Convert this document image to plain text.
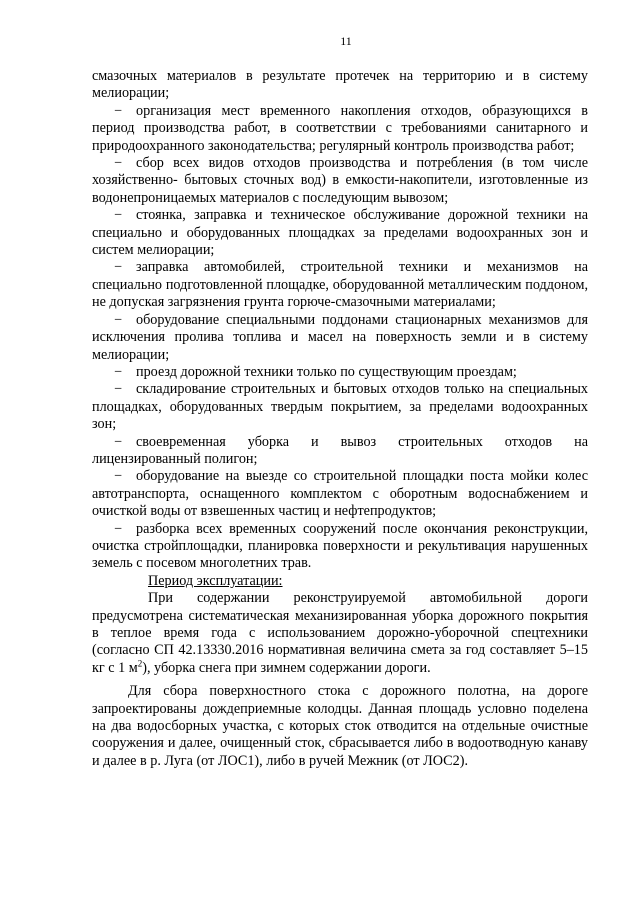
11

смазочных материалов в результате протечек на территорию и в систему мелиорации;

− организация мест временного накопления отходов, образующихся в период производства работ, в соответствии с требованиями санитарного и природоохранного законодательства; регулярный контроль производства работ;

− сбор всех видов отходов производства и потребления (в том числе хозяйственно- бытовых сточных вод) в емкости-накопители, изготовленные из водонепроницаемых материалов с последующим вывозом;

− стоянка, заправка и техническое обслуживание дорожной техники на специально и оборудованных площадках за пределами водоохранных зон и систем мелиорации;

− заправка автомобилей, строительной техники и механизмов на специально подготовленной площадке, оборудованной металлическим поддоном, не допуская загрязнения грунта горюче-смазочными материалами;

− оборудование специальными поддонами стационарных механизмов для исключения пролива топлива и масел на поверхность земли и в систему мелиорации;

− проезд дорожной техники только по существующим проездам;

− складирование строительных и бытовых отходов только на специальных площадках, оборудованных твердым покрытием, за пределами водоохранных зон;

− своевременная уборка и вывоз строительных отходов на лицензированный полигон;

− оборудование на выезде со строительной площадки поста мойки колес автотранспорта, оснащенного комплектом с оборотным водоснабжением и очисткой воды от взвешенных частиц и нефтепродуктов;

− разборка всех временных сооружений после окончания реконструкции, очистка стройплощадки, планировка поверхности и рекультивация нарушенных земель с посевом многолетних трав.

Период эксплуатации:

При содержании реконструируемой автомобильной дороги предусмотрена систематическая механизированная уборка дорожного покрытия в теплое время года с использованием дорожно-уборочной спецтехники (согласно СП 42.13330.2016 нормативная величина смета за год составляет 5–15 кг с 1 $м^2$), уборка снега при зимнем содержании дороги.

Для сбора поверхностного стока с дорожного полотна, на дороге запроектированы дождеприемные колодцы. Данная площадь условно поделена на два водосборных участка, с которых сток отводится на отдельные очистные сооружения и далее, очищенный сток, сбрасывается либо в водоотводную канаву и далее в р. Луга (от ЛОС1), либо в ручей Межник (от ЛОС2).
